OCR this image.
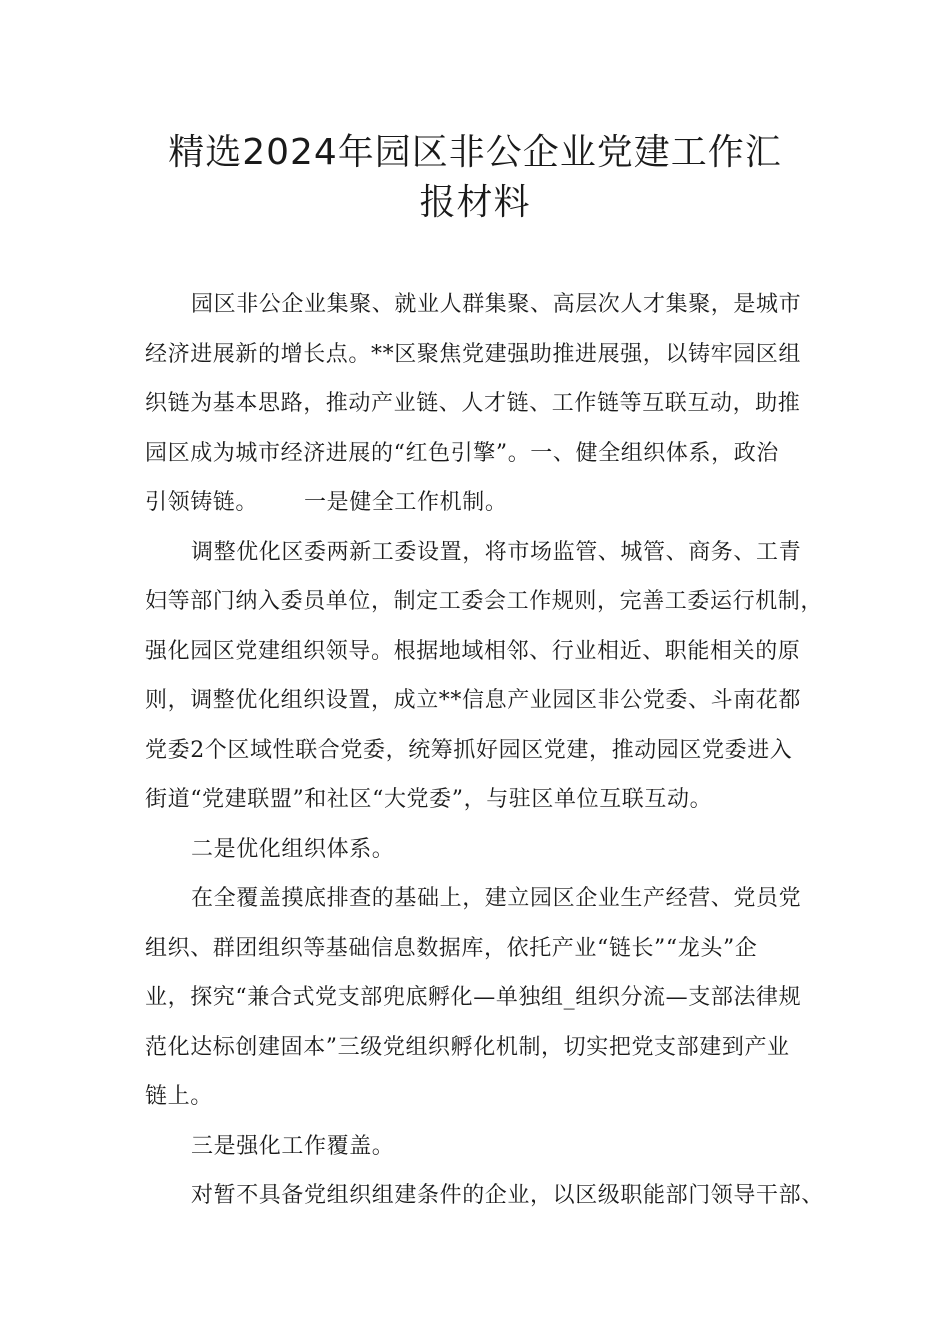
精选2024年园区非公企业党建工作汇
报材料
园区非公企业集聚、就业人群集聚、高层次人才集聚，是城市
经济进展新的增长点。**区聚焦党建强助推进展强，以铸牢园区组
织链为基本思路，推动产业链、人才链、工作链等互联互动，助推
园区成为城市经济进展的“红色引擎”。一、健全组织体系，政治
引领铸链。 一是健全工作机制。
调整优化区委两新工委设置，将市场监管、城管、商务、工青
妇等部门纳入委员单位，制定工委会工作规则，完善工委运行机制，
强化园区党建组织领导。根据地域相邻、行业相近、职能相关的原
则，调整优化组织设置，成立**信息产业园区非公党委、斗南花都
党委2个区域性联合党委，统筹抓好园区党建，推动园区党委进入
街道“党建联盟”和社区“大党委”，与驻区单位互联互动。
二是优化组织体系。
在全覆盖摸底排查的基础上，建立园区企业生产经营、党员党
组织、群团组织等基础信息数据库，依托产业“链长”“龙头”企
业，探究“兼合式党支部兜底孵化—单独组_组织分流—支部法律规
范化达标创建固本”三级党组织孵化机制，切实把党支部建到产业
链上。
三是强化工作覆盖。
对暂不具备党组织组建条件的企业，以区级职能部门领导干部、
